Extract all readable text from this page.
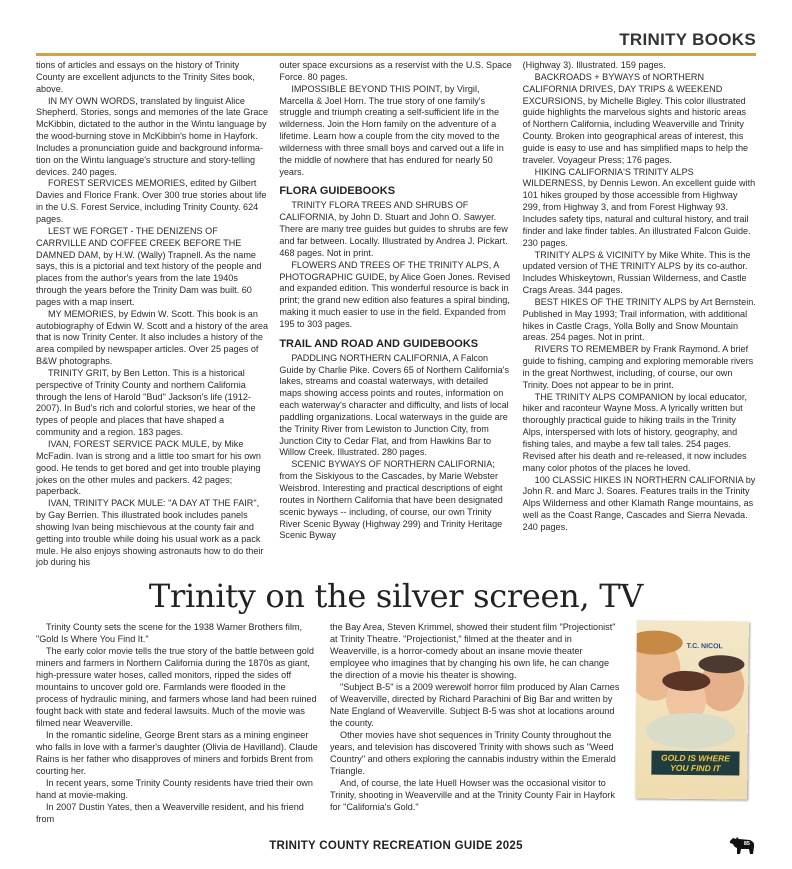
TRINITY BOOKS

tions of articles and essays on the history of Trinity County are excellent adjuncts to the Trinity Sites book, above.

IN MY OWN WORDS, translated by linguist Alice Shepherd. Stories, songs and memories of the late Grace McKibbin, dictated to the author in the Wintu language by the wood-burning stove in McKibbin's home in Hayfork. Includes a pronunciation guide and background information on the Wintu language's structure and story-telling devices. 240 pages.

FOREST SERVICES MEMORIES, edited by Gilbert Davies and Florice Frank. Over 300 true stories about life in the U.S. Forest Service, including Trinity County. 624 pages.

LEST WE FORGET - THE DENIZENS OF CARRVILLE AND COFFEE CREEK BEFORE THE DAMNED DAM, by H.W. (Wally) Trapnell. As the name says, this is a pictorial and text history of the people and places from the author's years from the late 1940s through the years before the Trinity Dam was built. 60 pages with a map insert.

MY MEMORIES, by Edwin W. Scott. This book is an autobiography of Edwin W. Scott and a history of the area that is now Trinity Center. It also includes a history of the area compiled by newspaper articles. Over 25 pages of B&W photographs.

TRINITY GRIT, by Ben Letton. This is a historical perspective of Trinity County and northern California through the lens of Harold "Bud" Jackson's life (1912-2007). In Bud's rich and colorful stories, we hear of the types of people and places that have shaped a community and a region. 183 pages.

IVAN, FOREST SERVICE PACK MULE, by Mike McFadin. Ivan is strong and a little too smart for his own good. He tends to get bored and get into trouble playing jokes on the other mules and packers. 42 pages; paperback.

IVAN, TRINITY PACK MULE: "A DAY AT THE FAIR", by Gay Berrien. This illustrated book includes panels showing Ivan being mischievous at the county fair and getting into trouble while doing his usual work as a pack mule. He also enjoys showing astronauts how to do their job during his

outer space excursions as a reservist with the U.S. Space Force. 80 pages.

IMPOSSIBLE BEYOND THIS POINT, by Virgil, Marcella & Joel Horn. The true story of one family's struggle and triumph creating a self-sufficient life in the wilderness. Join the Horn family on the adventure of a lifetime. Learn how a couple from the city moved to the wilderness with three small boys and carved out a life in the middle of nowhere that has endured for nearly 50 years.

FLORA GUIDEBOOKS

TRINITY FLORA TREES AND SHRUBS OF CALIFORNIA, by John D. Stuart and John O. Sawyer. There are many tree guides but guides to shrubs are few and far between. Locally. Illustrated by Andrea J. Pickart. 468 pages. Not in print.

FLOWERS AND TREES OF THE TRINITY ALPS, A PHOTOGRAPHIC GUIDE, by Alice Goen Jones. Revised and expanded edition. This wonderful resource is back in print; the grand new edition also features a spiral binding, making it much easier to use in the field. Expanded from 195 to 303 pages.

TRAIL AND ROAD AND GUIDEBOOKS

PADDLING NORTHERN CALIFORNIA, A Falcon Guide by Charlie Pike. Covers 65 of Northern California's lakes, streams and coastal waterways, with detailed maps showing access points and routes, information on each waterway's character and difficulty, and lists of local paddling organizations. Local waterways in the guide are the Trinity River from Lewiston to Junction City, from Junction City to Cedar Flat, and from Hawkins Bar to Willow Creek. Illustrated. 280 pages.

SCENIC BYWAYS OF NORTHERN CALIFORNIA; from the Siskiyous to the Cascades, by Marie Webster Weisbrod. Interesting and practical descriptions of eight routes in Northern California that have been designated scenic byways -- including, of course, our own Trinity River Scenic Byway (Highway 299) and Trinity Heritage Scenic Byway

(Highway 3). Illustrated. 159 pages.

BACKROADS + BYWAYS of NORTHERN CALIFORNIA DRIVES, DAY TRIPS & WEEKEND EXCURSIONS, by Michelle Bigley. This color illustrated guide highlights the marvelous sights and historic areas of Northern California, including Weaverville and Trinity County. Broken into geographical areas of interest, this guide is easy to use and has simplified maps to help the traveler. Voyageur Press; 176 pages.

HIKING CALIFORNIA'S TRINITY ALPS WILDERNESS, by Dennis Lewon. An excellent guide with 101 hikes grouped by those accessible from Highway 299, from Highway 3, and from Forest Highway 93. Includes safety tips, natural and cultural history, and trail finder and lake finder tables. An illustrated Falcon Guide. 230 pages.

TRINITY ALPS & VICINITY by Mike White. This is the updated version of THE TRINITY ALPS by its co-author. Includes Whiskeytown, Russian Wilderness, and Castle Crags Areas. 344 pages.

BEST HIKES OF THE TRINITY ALPS by Art Bernstein. Published in May 1993; Trail information, with additional hikes in Castle Crags, Yolla Bolly and Snow Mountain areas. 254 pages. Not in print.

RIVERS TO REMEMBER by Frank Raymond. A brief guide to fishing, camping and exploring memorable rivers in the great Northwest, including, of course, our own Trinity. Does not appear to be in print.

THE TRINITY ALPS COMPANION by local educator, hiker and raconteur Wayne Moss. A lyrically written but thoroughly practical guide to hiking trails in the Trinity Alps, interspersed with lots of history, geography, and fishing tales, and maybe a few tall tales. 254 pages. Revised after his death and re-released, it now includes many color photos of the places he loved.

100 CLASSIC HIKES IN NORTHERN CALIFORNIA by John R. and Marc J. Soares. Features trails in the Trinity Alps Wilderness and other Klamath Range mountains, as well as the Coast Range, Cascades and Sierra Nevada. 240 pages.

Trinity on the silver screen, TV

Trinity County sets the scene for the 1938 Warner Brothers film, "Gold Is Where You Find It."

The early color movie tells the true story of the battle between gold miners and farmers in Northern California during the 1870s as giant, high-pressure water hoses, called monitors, ripped the sides off mountains to uncover gold ore. Farmlands were flooded in the process of hydraulic mining, and farmers whose land had been ruined fought back with state and federal lawsuits. Much of the movie was filmed near Weaverville.

In the romantic sideline, George Brent stars as a mining engineer who falls in love with a farmer's daughter (Olivia de Havilland). Claude Rains is her father who disapproves of miners and forbids Brent from courting her.

In recent years, some Trinity County residents have tried their own hand at movie-making.

In 2007 Dustin Yates, then a Weaverville resident, and his friend from

the Bay Area, Steven Krimmel, showed their student film "Projectionist" at Trinity Theatre. "Projectionist," filmed at the theater and in Weaverville, is a horror-comedy about an insane movie theater employee who imagines that by changing his own life, he can change the direction of a movie his theater is showing.

"Subject B-5" is a 2009 werewolf horror film produced by Alan Carnes of Weaverville, directed by Richard Parachini of Big Bar and written by Nate England of Weaverville. Subject B-5 was shot at locations around the county.

Other movies have shot sequences in Trinity County throughout the years, and television has discovered Trinity with shows such as "Weed Country" and others exploring the cannabis industry within the Emerald Triangle.

And, of course, the late Huell Howser was the occasional visitor to Trinity, shooting in Weaverville and at the Trinity County Fair in Hayfork for "California's Gold."

T.C. NICOL
GOLD IS WHERE YOU FIND IT
TRINITY COUNTY RECREATION GUIDE 2025	85
